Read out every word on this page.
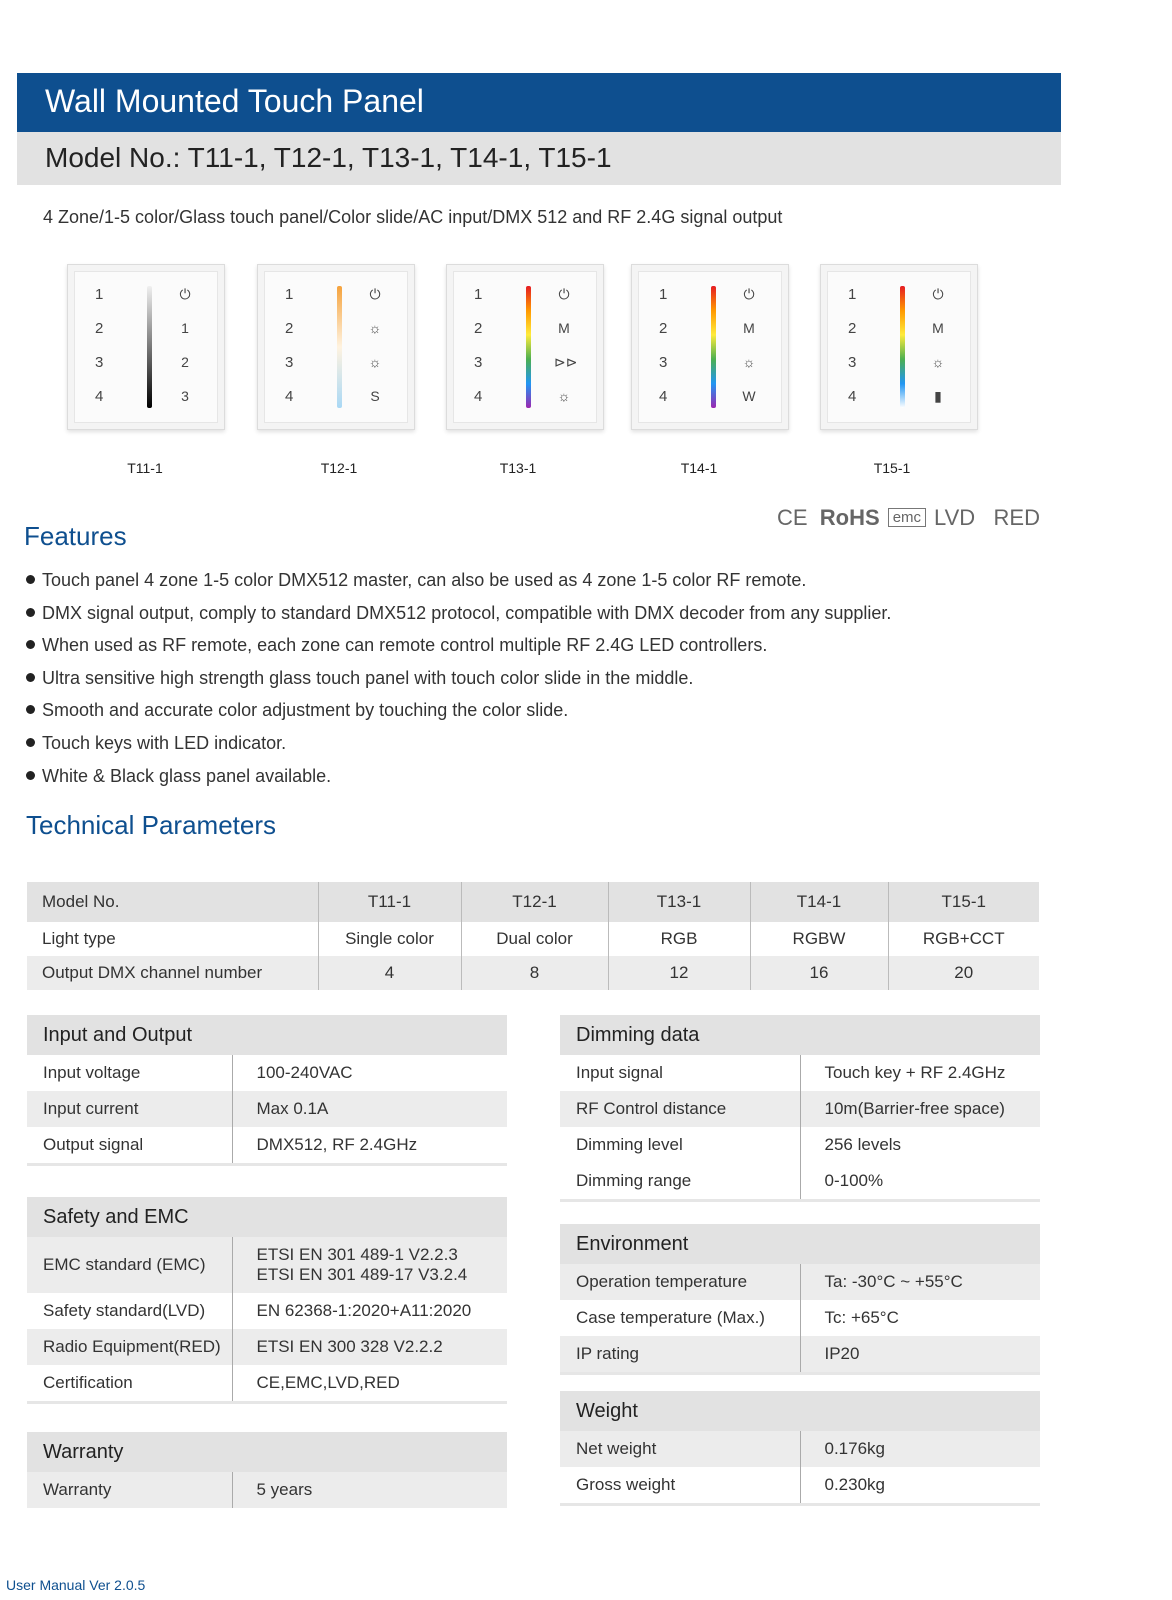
Wall Mounted Touch Panel
Model No.: T11-1, T12-1, T13-1, T14-1, T15-1
4 Zone/1-5 color/Glass touch panel/Color slide/AC input/DMX 512 and RF 2.4G signal output
1
2
3
4
⏻
1
2
3
T11-1
1
2
3
4
⏻
☼
☼
S
T12-1
1
2
3
4
⏻
M
⊳⊳
☼
T13-1
1
2
3
4
⏻
M
☼
W
T14-1
1
2
3
4
⏻
M
☼
▮
T15-1
CE RoHS emc LVD RED
Features
Touch panel 4 zone 1-5 color DMX512 master, can also be used as 4 zone 1-5 color RF remote.
DMX signal output, comply to standard DMX512 protocol, compatible with DMX decoder from any supplier.
When used as RF remote, each zone can remote control multiple RF 2.4G LED controllers.
Ultra sensitive high strength glass touch panel with touch color slide in the middle.
Smooth and accurate color adjustment by touching the color slide.
Touch keys with LED indicator.
White & Black glass panel available.
Technical Parameters
Model No.	T11-1	T12-1	T13-1	T14-1	T15-1
Light type	Single color	Dual color	RGB	RGBW	RGB+CCT
Output DMX channel number	4	8	12	16	20
Input and Output	
Input voltage	100-240VAC
Input current	Max 0.1A
Output signal	DMX512, RF 2.4GHz
Safety and EMC	
EMC standard (EMC)	ETSI EN 301 489-1 V2.2.3
ETSI EN 301 489-17 V3.2.4

Safety standard(LVD)	EN 62368-1:2020+A11:2020
Radio Equipment(RED)	ETSI EN 300 328 V2.2.2
Certification	CE,EMC,LVD,RED
Warranty
Warranty	5 years
Dimming data	
Input signal	Touch key + RF 2.4GHz
RF Control distance	10m(Barrier-free space)
Dimming level	256 levels
Dimming range	0-100%
Environment	
Operation temperature	Ta: -30°C ~ +55°C
Case temperature (Max.)	Tc: +65°C
IP rating	IP20
Weight	
Net weight	0.176kg
Gross weight	0.230kg
User Manual Ver 2.0.5
